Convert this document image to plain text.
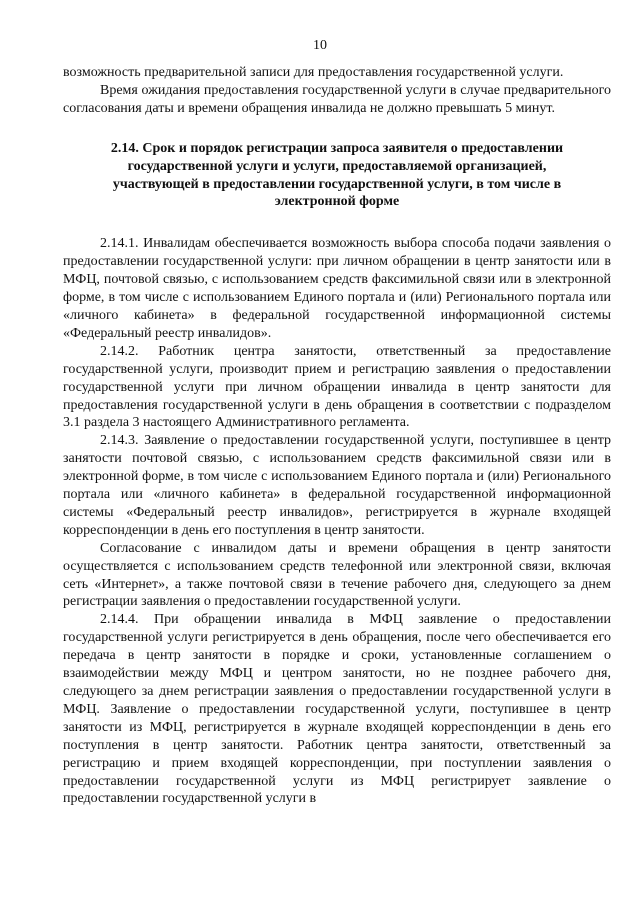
10

возможность предварительной записи для предоставления государственной услуги.

Время ожидания предоставления государственной услуги в случае предварительного согласования даты и времени обращения инвалида не должно превышать 5 минут.

2.14. Срок и порядок регистрации запроса заявителя о предоставлении государственной услуги и услуги, предоставляемой организацией, участвующей в предоставлении государственной услуги, в том числе в электронной форме

2.14.1. Инвалидам обеспечивается возможность выбора способа подачи заявления о предоставлении государственной услуги: при личном обращении в центр занятости или в МФЦ, почтовой связью, с использованием средств факсимильной связи или в электронной форме, в том числе с использованием Единого портала и (или) Регионального портала или «личного кабинета» в федеральной государственной информационной системы «Федеральный реестр инвалидов».

2.14.2. Работник центра занятости, ответственный за предоставление государственной услуги, производит прием и регистрацию заявления о предоставлении государственной услуги при личном обращении инвалида в центр занятости для предоставления государственной услуги в день обращения в соответствии с подразделом 3.1 раздела 3 настоящего Административного регламента.

2.14.3. Заявление о предоставлении государственной услуги, поступившее в центр занятости почтовой связью, с использованием средств факсимильной связи или в электронной форме, в том числе с использованием Единого портала и (или) Регионального портала или «личного кабинета» в федеральной государственной информационной системы «Федеральный реестр инвалидов», регистрируется в журнале входящей корреспонденции в день его поступления в центр занятости.

Согласование с инвалидом даты и времени обращения в центр занятости осуществляется с использованием средств телефонной или электронной связи, включая сеть «Интернет», а также почтовой связи в течение рабочего дня, следующего за днем регистрации заявления о предоставлении государственной услуги.

2.14.4. При обращении инвалида в МФЦ заявление о предоставлении государственной услуги регистрируется в день обращения, после чего обеспечивается его передача в центр занятости в порядке и сроки, установленные соглашением о взаимодействии между МФЦ и центром занятости, но не позднее рабочего дня, следующего за днем регистрации заявления о предоставлении государственной услуги в МФЦ. Заявление о предоставлении государственной услуги, поступившее в центр занятости из МФЦ, регистрируется в журнале входящей корреспонденции в день его поступления в центр занятости. Работник центра занятости, ответственный за регистрацию и прием входящей корреспонденции, при поступлении заявления о предоставлении государственной услуги из МФЦ регистрирует заявление о предоставлении государственной услуги в
